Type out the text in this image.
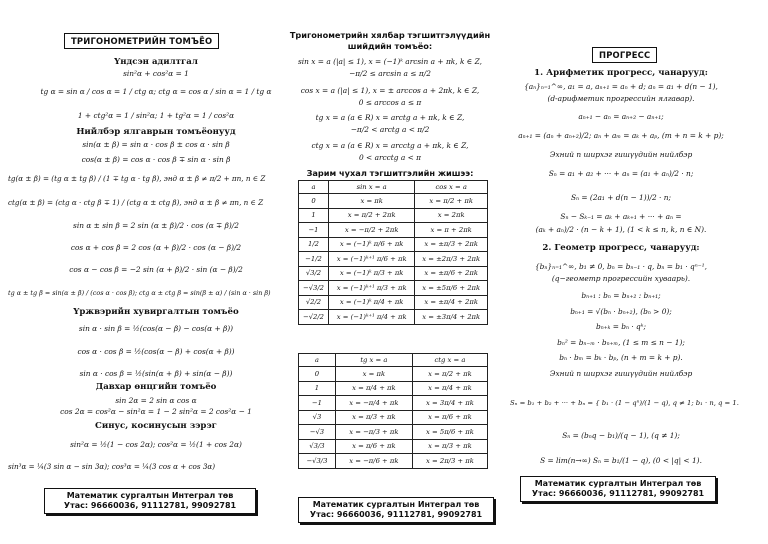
ТРИГОНОМЕТРИЙН ТОМЪЁО
Үндсэн адилтгал
sin²α + cos²α = 1
tg α = sin α / cos α = 1 / ctg α; ctg α = cos α / sin α = 1 / tg α
1 + ctg²α = 1 / sin²α; 1 + tg²α = 1 / cos²α
Нийлбэр ялгаврын томъёонууд
sin(α ± β) = sin α · cos β ± cos α · sin β
cos(α ± β) = cos α · cos β ∓ sin α · sin β
tg(α ± β) = (tg α ± tg β) / (1 ∓ tg α · tg β), энд α ± β ≠ π/2 + πn, n ∈ Z
ctg(α ± β) = (ctg α · ctg β ∓ 1) / (ctg α ± ctg β), энд α ± β ≠ πn, n ∈ Z
sin α ± sin β = 2 sin (α ± β)/2 · cos (α ∓ β)/2
cos α + cos β = 2 cos (α + β)/2 · cos (α − β)/2
cos α − cos β = −2 sin (α + β)/2 · sin (α − β)/2
tg α ± tg β = sin(α ± β) / (cos α · cos β); ctg α ± ctg β = sin(β ± α) / (sin α · sin β)
Үржвэрийн хувиргалтын томъёо
sin α · sin β = ½(cos(α − β) − cos(α + β))
cos α · cos β = ½(cos(α − β) + cos(α + β))
sin α · cos β = ½(sin(α + β) + sin(α − β))
Давхар өнцгийн томъёо
sin 2α = 2 sin α cos α
cos 2α = cos²α − sin²α = 1 − 2 sin²α = 2 cos²α − 1
Синус, косинусын зэрэг
sin²α = ½(1 − cos 2α); cos²α = ½(1 + cos 2α)
sin³α = ¼(3 sin α − sin 3α); cos³α = ¼(3 cos α + cos 3α)
Математик сургалтын Интеграл төв
Утас: 96660036, 91112781, 99092781
Тригонометрийн хялбар тэгшитгэлүүдийн
шийдийн томъёо:
sin x = a (|a| ≤ 1), x = (−1)ᵏ arcsin a + πk, k ∈ Z,
−π/2 ≤ arcsin a ≤ π/2
cos x = a (|a| ≤ 1), x = ± arccos a + 2πk, k ∈ Z,
0 ≤ arccos a ≤ π
tg x = a (a ∈ R) x = arctg a + πk, k ∈ Z,
−π/2 < arctg a < π/2
ctg x = a (a ∈ R) x = arcctg a + πk, k ∈ Z,
0 < arcctg a < π
Зарим чухал тэгшитгэлийн жишээ:
a	sin x = a	cos x = a
0	x = πk	x = π/2 + πk
1	x = π/2 + 2πk	x = 2πk
−1	x = −π/2 + 2πk	x = π + 2πk
1/2	x = (−1)ᵏ π/6 + πk	x = ±π/3 + 2πk
−1/2	x = (−1)ᵏ⁺¹ π/6 + πk	x = ±2π/3 + 2πk
√3/2	x = (−1)ᵏ π/3 + πk	x = ±π/6 + 2πk
−√3/2	x = (−1)ᵏ⁺¹ π/3 + πk	x = ±5π/6 + 2πk
√2/2	x = (−1)ᵏ π/4 + πk	x = ±π/4 + 2πk
−√2/2	x = (−1)ᵏ⁺¹ π/4 + πk	x = ±3π/4 + 2πk
a	tg x = a	ctg x = a
0	x = πk	x = π/2 + πk
1	x = π/4 + πk	x = π/4 + πk
−1	x = −π/4 + πk	x = 3π/4 + πk
√3	x = π/3 + πk	x = π/6 + πk
−√3	x = −π/3 + πk	x = 5π/6 + πk
√3/3	x = π/6 + πk	x = π/3 + πk
−√3/3	x = −π/6 + πk	x = 2π/3 + πk
Математик сургалтын Интеграл төв
Утас: 96660036, 91112781, 99092781
ПРОГРЕСС
1. Арифметик прогресс, чанарууд:
{aₙ}ₙ₌₁^∞, a₁ = a, aₙ₊₁ = aₙ + d; aₙ = a₁ + d(n − 1),
(d-арифметик прогрессийн ялгавар).
aₙ₊₁ − aₙ = aₙ₊₂ − aₙ₊₁;
aₙ₊₁ = (aₙ + aₙ₊₂)/2; aₙ + aₘ = aₖ + aₚ, (m + n = k + p);
Эхний n ширхэг гишүүдийн нийлбэр
Sₙ = a₁ + a₂ + ··· + aₙ = (a₁ + aₙ)/2 · n;
Sₙ = (2a₁ + d(n − 1))/2 · n;
Sₙ − Sₖ₋₁ = aₖ + aₖ₊₁ + ··· + aₙ =
(aₖ + aₙ)/2 · (n − k + 1), (1 < k ≤ n, k, n ∈ N).
2. Геометр прогресс, чанарууд:
{bₙ}ₙ₌₁^∞, b₁ ≠ 0, bₙ = bₙ₋₁ · q, bₙ = b₁ · qⁿ⁻¹,
(q−геометр прогрессийн хуваарь).
bₙ₊₁ : bₙ = bₙ₊₂ : bₙ₊₁;
bₙ₊₁ = √(bₙ · bₙ₊₂), (bₙ > 0);
bₙ₊ₖ = bₙ · qᵏ;
bₙ² = bₙ₋ₘ · bₙ₊ₘ, (1 ≤ m ≤ n − 1);
bₙ · bₘ = bₖ · bₚ, (n + m = k + p).
Эхний n ширхэг гишүүдийн нийлбэр
Sₙ = b₁ + b₂ + ··· + bₙ = { b₁ · (1 − qⁿ)/(1 − q), q ≠ 1; b₁ · n, q = 1.
Sₙ = (bₙq − b₁)/(q − 1), (q ≠ 1);
S = lim(n→∞) Sₙ = b₁/(1 − q), (0 < |q| < 1).
Математик сургалтын Интеграл төв
Утас: 96660036, 91112781, 99092781
